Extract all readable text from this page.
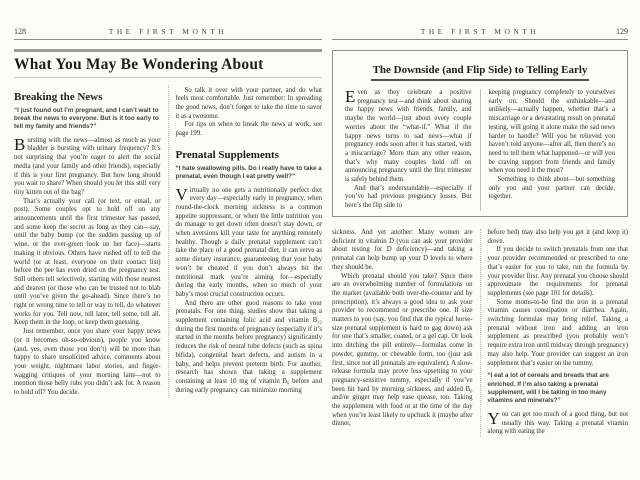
128	THE FIRST MONTH
What You May Be Wondering About
Breaking the News

“I just found out I’m pregnant, and I can’t wait to break the news to everyone. But is it too early to tell my family and friends?”

Bursting with the news—almost as much as your bladder is bursting with urinary frequency? It’s not surprising that you’re eager to alert the social media (and your family and other friends), especially if this is your first pregnancy. But how long should you wait to share? When should you let this still very tiny kitten out of the bag?

That’s actually your call (or text, or email, or post). Some couples opt to hold off on any announcements until the first trimester has passed, and some keep the secret as long as they can—say, until the baby bump (or the sudden passing up of wine, or the ever-green look on her face)—starts making it obvious. Others have rushed off to tell the world (or at least, everyone on their contact list) before the pee has even dried on the pregnancy test. Still others tell selectively, starting with those nearest and dearest (or those who can be trusted not to blab until you’ve given the go-ahead). Since there’s no right or wrong time to tell or way to tell, do whatever works for you. Tell now, tell later, tell some, tell all. Keep them in the loop, or keep them guessing.

Just remember, once you share your happy news (or it becomes oh-so-obvious), people you know (and, yes, even those you don’t) will be more than happy to share unsolicited advice, comments about your weight, nightmare labor stories, and finger-wagging critiques of your morning latte—not to mention those belly rubs you didn’t ask for. A reason to hold off? You decide.

So talk it over with your partner, and do what feels most comfortable. Just remember: In spreading the good news, don’t forget to take the time to savor it as a twosome.

For tips on when to break the news at work, see page 199.

Prenatal Supplements

“I hate swallowing pills. Do I really have to take a prenatal, even though I eat pretty well?”

Virtually no one gets a nutritionally perfect diet every day—especially early in pregnancy, when round-the-clock morning sickness is a common appetite suppressant, or when the little nutrition you do manage to get down often doesn’t stay down, or when aversions kill your taste for anything remotely healthy. Though a daily prenatal supplement can’t take the place of a good prenatal diet, it can serve as some dietary insurance, guaranteeing that your baby won’t be cheated if you don’t always hit the nutritional mark you’re aiming for—especially during the early months, when so much of your baby’s most crucial construction occurs.

And there are other good reasons to take your prenatals. For one thing, studies show that taking a supplement containing folic acid and vitamin B₁₂ during the first months of pregnancy (especially if it’s started in the months before pregnancy) significantly reduces the risk of neural tube defects (such as spina bifida), congenital heart defects, and autism in a baby, and helps prevent preterm birth. For another, research has shown that taking a supplement containing at least 10 mg of vitamin B₆ before and during early pregnancy can minimize morning

THE FIRST MONTH	129
The Downside (and Flip Side) to Telling Early

Even as they celebrate a positive pregnancy test—and think about sharing the happy news with friends, family, and maybe the world—just about every couple worries about the “what-if.” What if the happy news turns to sad news—what if pregnancy ends soon after it has started, with a miscarriage? More than any other reason, that’s why many couples hold off on announcing pregnancy until the first trimester is safely behind them.

And that’s understandable—especially if you’ve had previous pregnancy losses. But here’s the flip side to

keeping pregnancy completely to yourselves early on. Should the unthinkable—and unlikely—actually happen, whether that’s a miscarriage or a devastating result on prenatal testing, will going it alone make the sad news harder to handle? Will you be relieved you haven’t told anyone—after all, then there’s no need to tell them what happened—or will you be craving support from friends and family when you need it the most?

Something to think about—but something only you and your partner can decide, together.

sickness. And yet another: Many women are deficient in vitamin D (you can ask your provider about testing for D deficiency)—and taking a prenatal can help bump up your D levels to where they should be.

Which prenatal should you take? Since there are an overwhelming number of formulations on the market (available both over-the-counter and by prescription), it’s always a good idea to ask your provider to recommend or prescribe one. If size matters to you (say, you find that the typical horse-size prenatal supplement is hard to gag down) ask for one that’s smaller, coated, or a gel cap. Or look into ditching the pill entirely—formulas come in powder, gummy, or chewable form, too (just ask first, since not all prenatals are equivalent). A slow-release formula may prove less upsetting to your pregnancy-sensitive tummy, especially if you’ve been hit hard by morning sickness, and added B₆ and/or ginger may help ease quease, too. Taking the supplement with food or at the time of the day when you’re least likely to upchuck it (maybe after dinner,

before bed) may also help you get it (and keep it) down.

If you decide to switch prenatals from one that your provider recommended or prescribed to one that’s easier for you to take, run the formula by your provider first. Any prenatal you choose should approximate the requirements for prenatal supplements (see page 101 for details).

Some moms-to-be find the iron in a prenatal vitamin causes constipation or diarrhea. Again, switching formulas may bring relief. Taking a prenatal without iron and adding an iron supplement as prescribed (you probably won’t require extra iron until midway through pregnancy) may also help. Your provider can suggest an iron supplement that’s easier on the tummy.

“I eat a lot of cereals and breads that are enriched. If I’m also taking a prenatal supplement, will I be taking in too many vitamins and minerals?”

You can get too much of a good thing, but not usually this way. Taking a prenatal vitamin along with eating the
